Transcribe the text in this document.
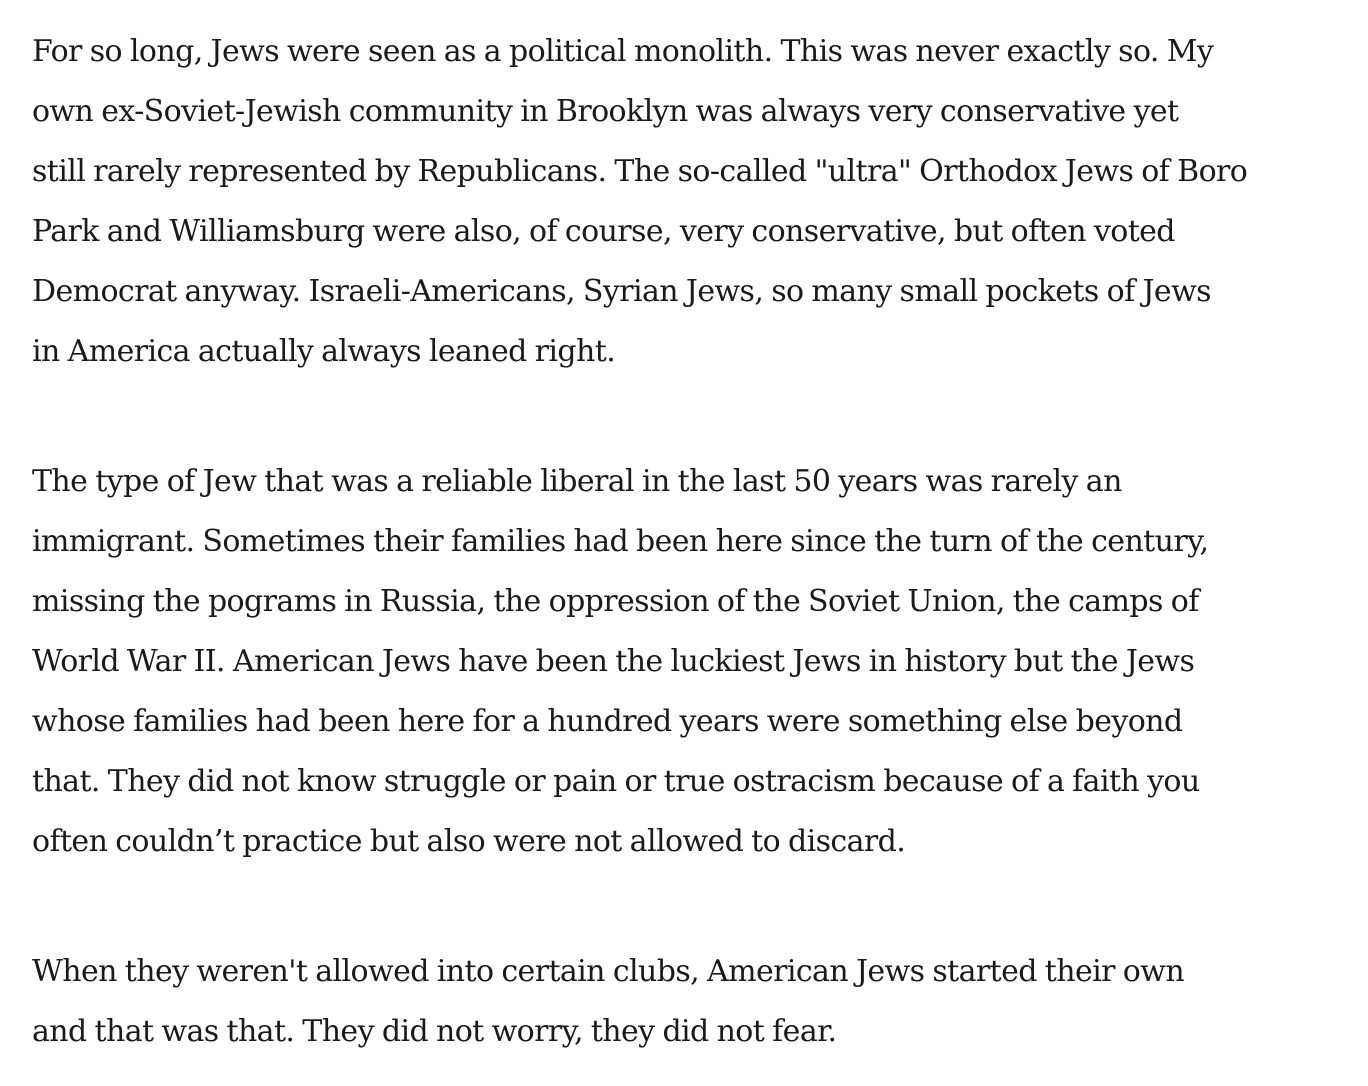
For so long, Jews were seen as a political monolith. This was never exactly so. My
own ex-Soviet-Jewish community in Brooklyn was always very conservative yet
still rarely represented by Republicans. The so-called "ultra" Orthodox Jews of Boro
Park and Williamsburg were also, of course, very conservative, but often voted
Democrat anyway. Israeli-Americans, Syrian Jews, so many small pockets of Jews
in America actually always leaned right.

The type of Jew that was a reliable liberal in the last 50 years was rarely an
immigrant. Sometimes their families had been here since the turn of the century,
missing the pograms in Russia, the oppression of the Soviet Union, the camps of
World War II. American Jews have been the luckiest Jews in history but the Jews
whose families had been here for a hundred years were something else beyond
that. They did not know struggle or pain or true ostracism because of a faith you
often couldn’t practice but also were not allowed to discard.

When they weren't allowed into certain clubs, American Jews started their own
and that was that. They did not worry, they did not fear.
